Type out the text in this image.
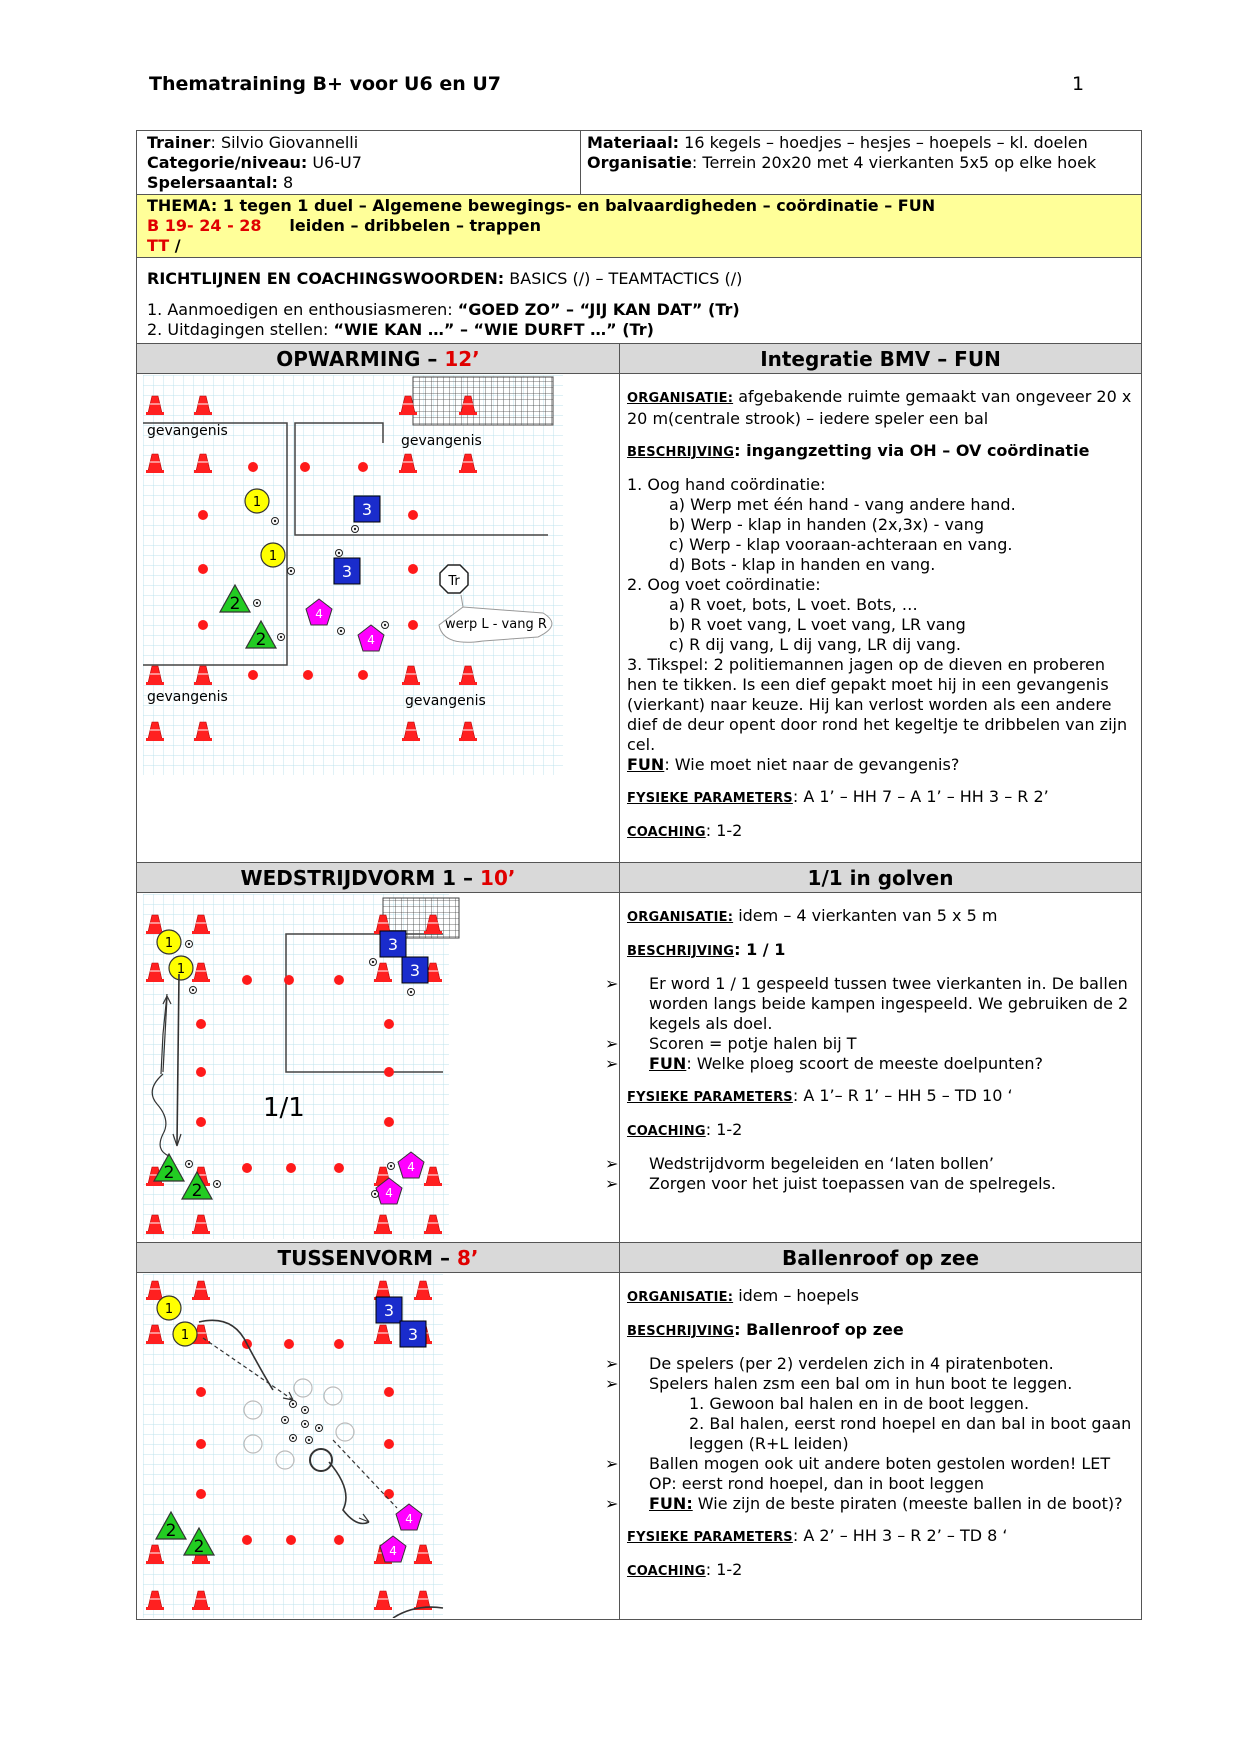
Thematraining B+ voor U6 en U7	1

Trainer: Silvio Giovannelli

Categorie/niveau: U6-U7

Spelersaantal: 8

Materiaal: 16 kegels – hoedjes – hesjes – hoepels – kl. doelen

Organisatie: Terrein 20x20 met 4 vierkanten 5x5 op elke hoek

THEMA: 1 tegen 1 duel – Algemene bewegings- en balvaardigheden – coördinatie – FUN

B 19- 24 - 28 leiden – dribbelen – trappen

TT /

RICHTLIJNEN EN COACHINGSWOORDEN: BASICS (/) – TEAMTACTICS (/)

1. Aanmoedigen en enthousiasmeren: “GOED ZO” – “JIJ KAN DAT” (Tr)

2. Uitdagingen stellen: “WIE KAN …” – “WIE DURFT …” (Tr)

OPWARMING – 12’	Integratie BMV – FUN
gevangenis
gevangenis
gevangenis	gevangenis
Tr
werp L - vang R

ORGANISATIE: afgebakende ruimte gemaakt van ongeveer 20 x 20 m(centrale strook) – iedere speler een bal

BESCHRIJVING: ingangzetting via OH – OV coördinatie

1. Oog hand coördinatie:

a) Werp met één hand - vang andere hand.

b) Werp - klap in handen (2x,3x) - vang

c) Werp - klap vooraan-achteraan en vang.

d) Bots - klap in handen en vang.

2. Oog voet coördinatie:

a) R voet, bots, L voet. Bots, …

b) R voet vang, L voet vang, LR vang

c) R dij vang, L dij vang, LR dij vang.

3. Tikspel: 2 politiemannen jagen op de dieven en proberen hen te tikken. Is een dief gepakt moet hij in een gevangenis (vierkant) naar keuze. Hij kan verlost worden als een andere dief de deur opent door rond het kegeltje te dribbelen van zijn cel.

FUN: Wie moet niet naar de gevangenis?

FYSIEKE PARAMETERS: A 1’ – HH 7 – A 1’ – HH 3 – R 2’

COACHING: 1-2

WEDSTRIJDVORM 1 – 10’	1/1 in golven
1/1

ORGANISATIE: idem – 4 vierkanten van 5 x 5 m

BESCHRIJVING: 1 / 1

➢ Er word 1 / 1 gespeeld tussen twee vierkanten in. De ballen worden langs beide kampen ingespeeld. We gebruiken de 2 kegels als doel.

➢ Scoren = potje halen bij T

➢ FUN: Welke ploeg scoort de meeste doelpunten?

FYSIEKE PARAMETERS: A 1’– R 1’ – HH 5 – TD 10 ‘

COACHING: 1-2

➢ Wedstrijdvorm begeleiden en ‘laten bollen’

➢ Zorgen voor het juist toepassen van de spelregels.

TUSSENVORM – 8’	Ballenroof op zee

ORGANISATIE: idem – hoepels

BESCHRIJVING: Ballenroof op zee

➢ De spelers (per 2) verdelen zich in 4 piratenboten.

➢ Spelers halen zsm een bal om in hun boot te leggen.

1. Gewoon bal halen en in de boot leggen.

2. Bal halen, eerst rond hoepel en dan bal in boot gaan leggen (R+L leiden)

➢ Ballen mogen ook uit andere boten gestolen worden! LET OP: eerst rond hoepel, dan in boot leggen

➢ FUN: Wie zijn de beste piraten (meeste ballen in de boot)?

FYSIEKE PARAMETERS: A 2’ – HH 3 – R 2’ – TD 8 ‘

COACHING: 1-2
